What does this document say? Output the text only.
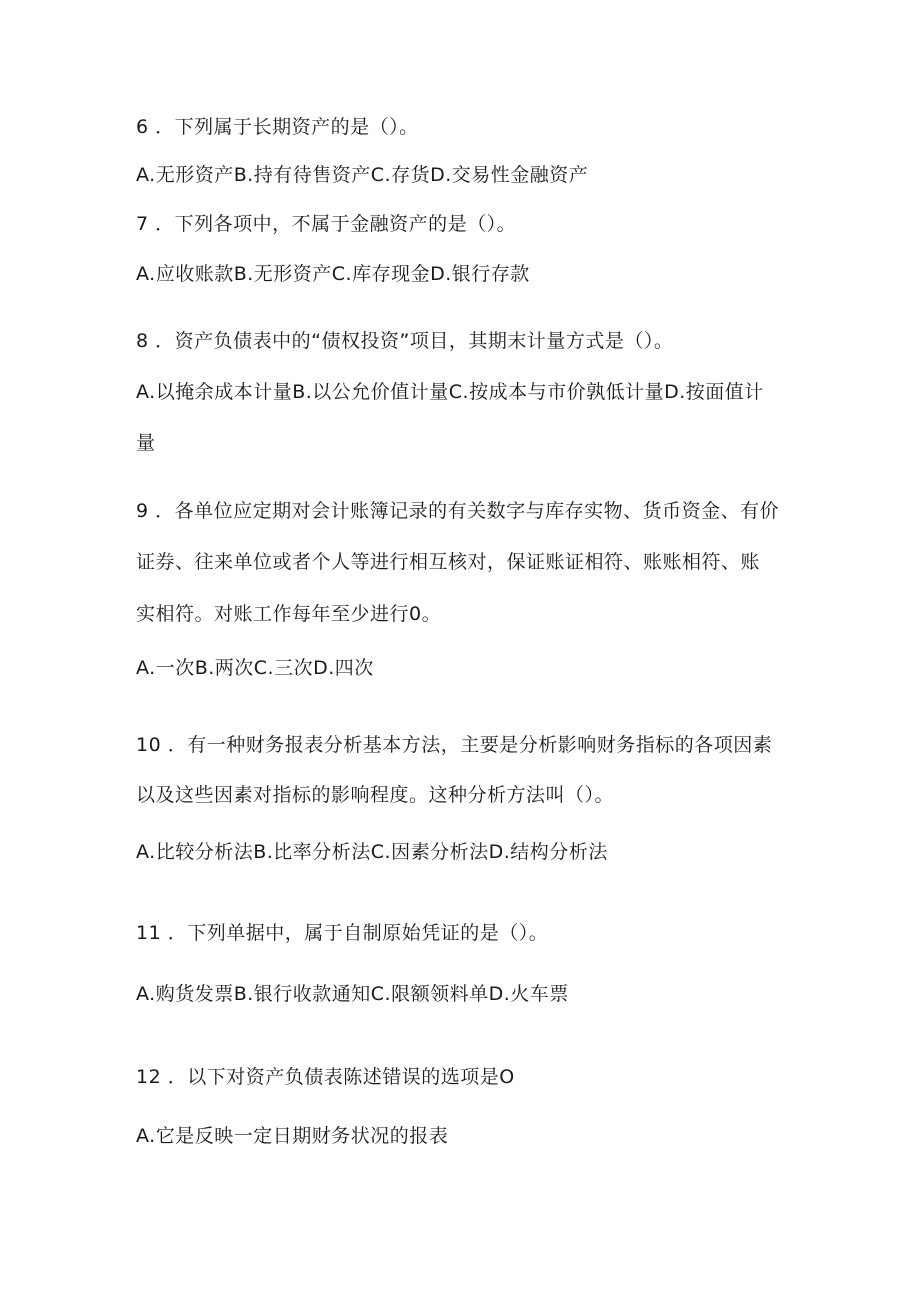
6 ．下列属于长期资产的是（）。
A.无形资产B.持有待售资产C.存货D.交易性金融资产
7 ．下列各项中，不属于金融资产的是（）。
A.应收账款B.无形资产C.库存现金D.银行存款
8 ．资产负债表中的“债权投资”项目，其期末计量方式是（）。
A.以掩余成本计量B.以公允价值计量C.按成本与市价孰低计量D.按面值计
量
9 ．各单位应定期对会计账簿记录的有关数字与库存实物、货币资金、有价
证券、往来单位或者个人等进行相互核对，保证账证相符、账账相符、账
实相符。对账工作每年至少进行0。
A.一次B.两次C.三次D.四次
10 ．有一种财务报表分析基本方法，主要是分析影响财务指标的各项因素
以及这些因素对指标的影响程度。这种分析方法叫（）。
A.比较分析法B.比率分析法C.因素分析法D.结构分析法
11 ．下列单据中，属于自制原始凭证的是（）。
A.购货发票B.银行收款通知C.限额领料单D.火车票
12 ．以下对资产负债表陈述错误的选项是O
A.它是反映一定日期财务状况的报表
